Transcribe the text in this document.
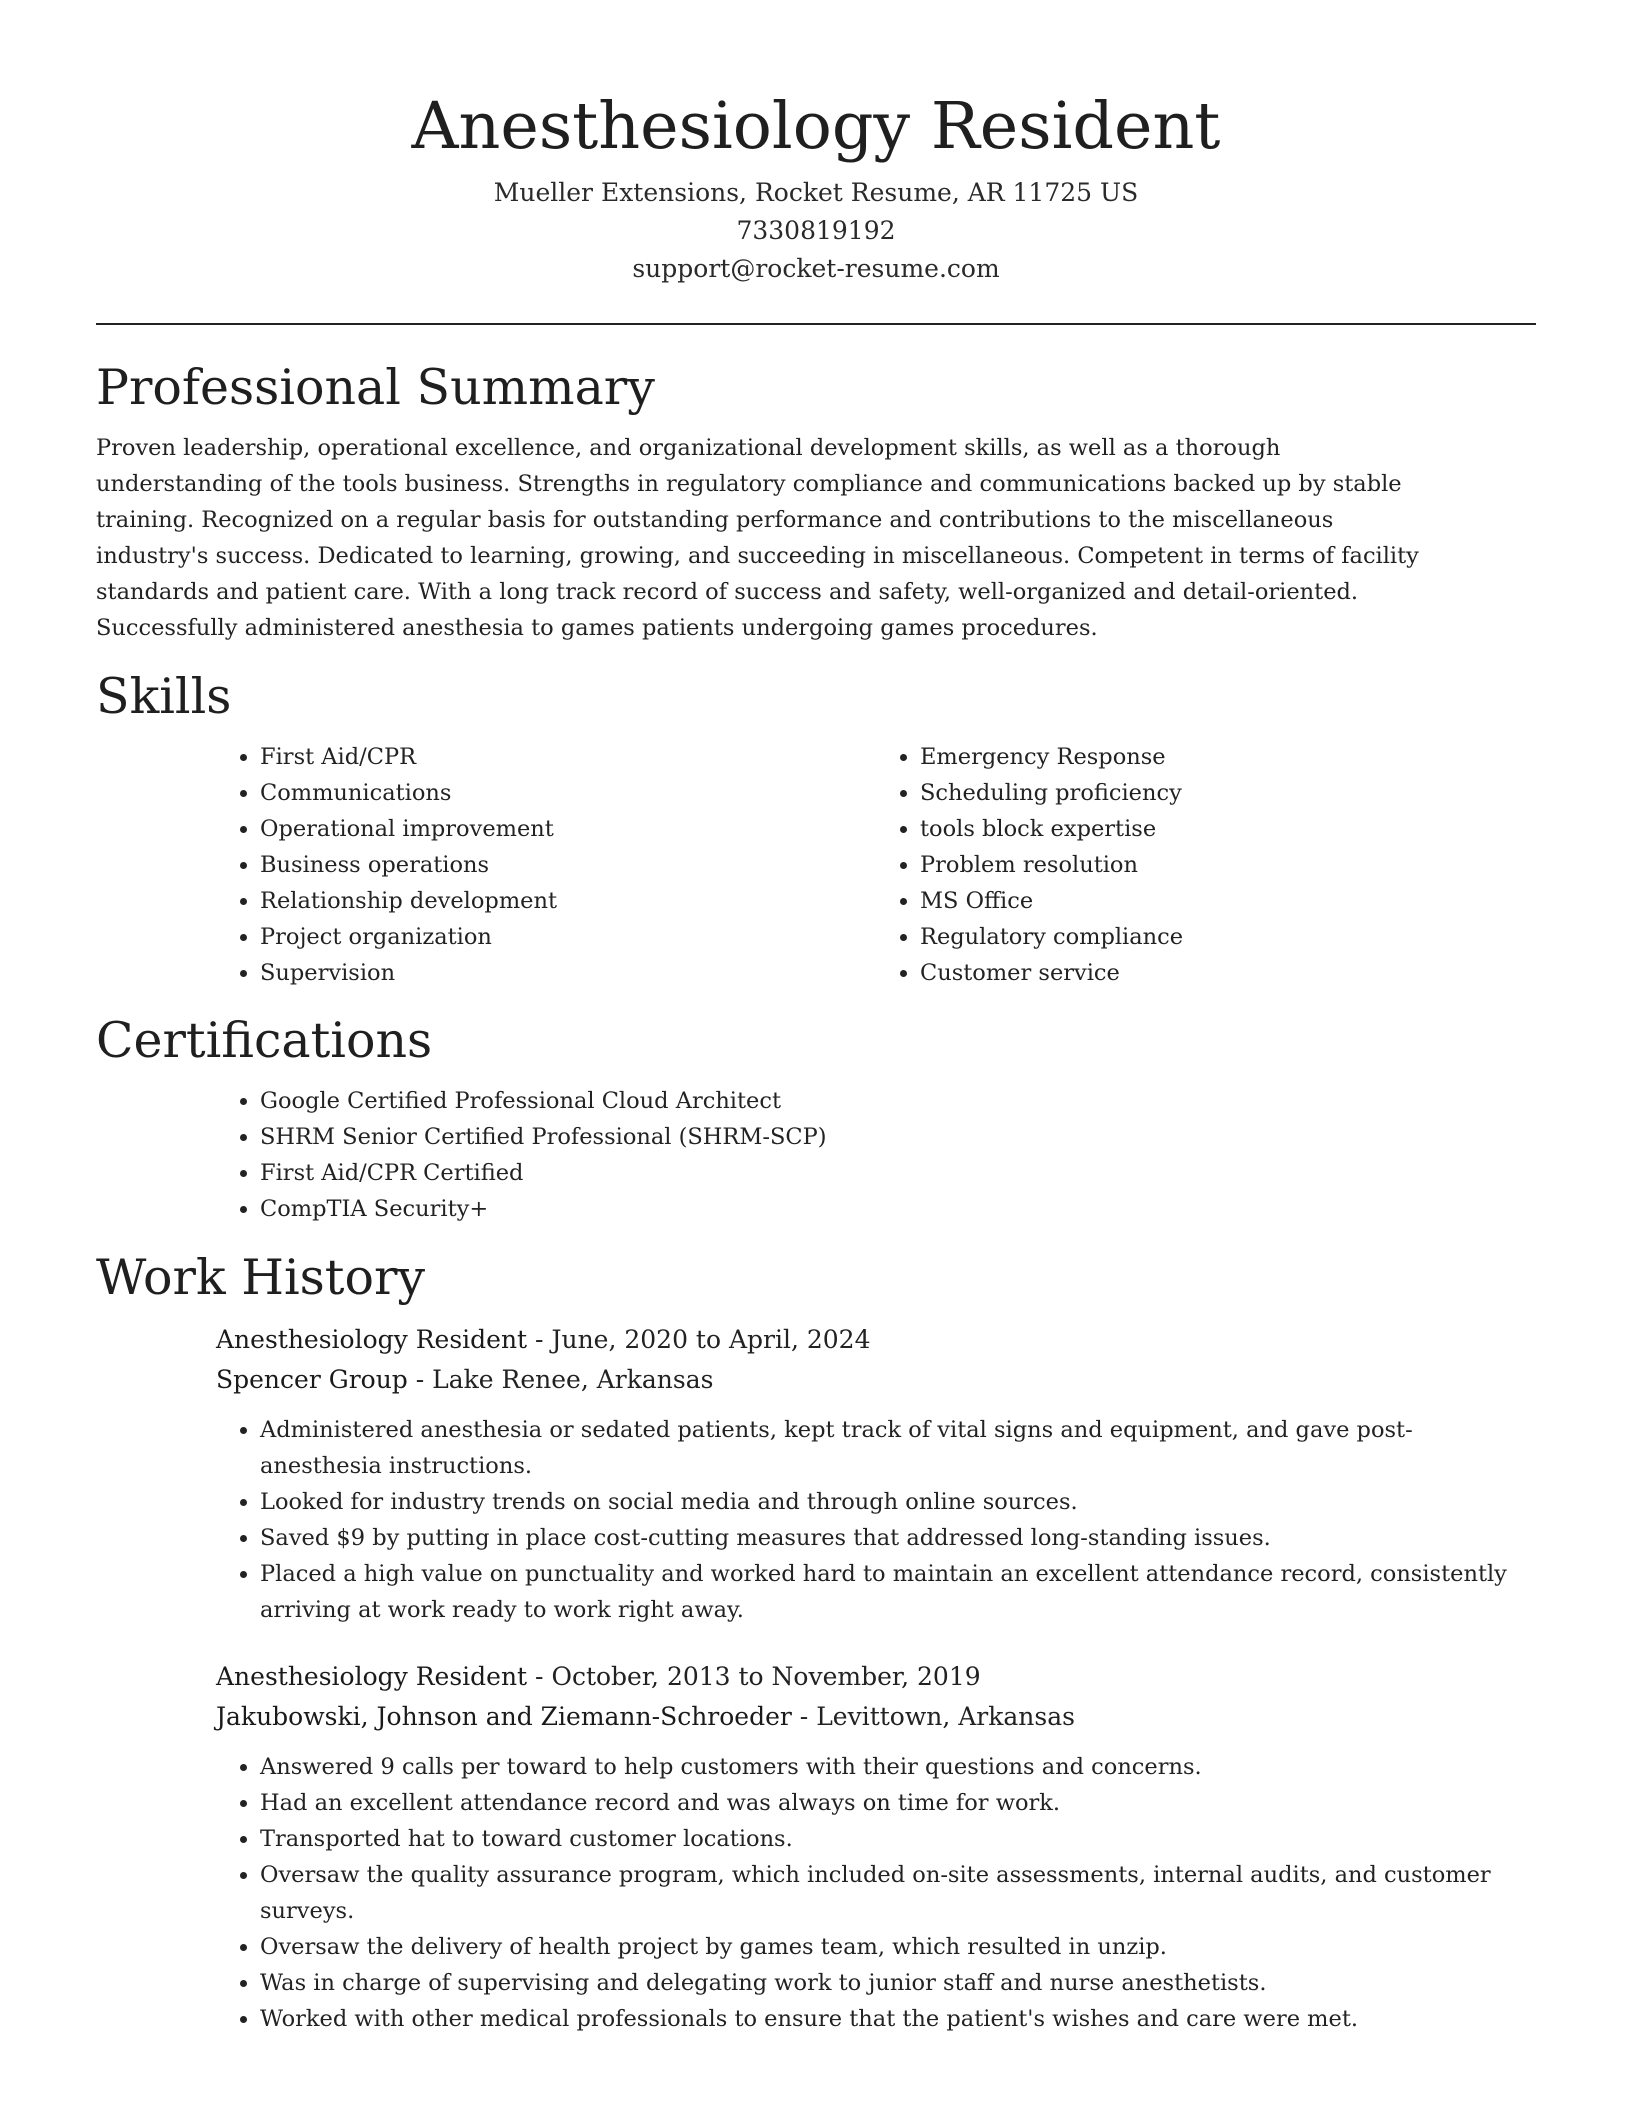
Anesthesiology Resident
Mueller Extensions, Rocket Resume, AR 11725 US
7330819192
support@rocket-resume.com
Professional Summary

Proven leadership, operational excellence, and organizational development skills, as well as a thorough understanding of the tools business. Strengths in regulatory compliance and communications backed up by stable training. Recognized on a regular basis for outstanding performance and contributions to the miscellaneous industry's success. Dedicated to learning, growing, and succeeding in miscellaneous. Competent in terms of facility standards and patient care. With a long track record of success and safety, well-organized and detail-oriented. Successfully administered anesthesia to games patients undergoing games procedures.

Skills
• First Aid/CPR
• Communications
• Operational improvement
• Business operations
• Relationship development
• Project organization
• Supervision
• Emergency Response
• Scheduling proficiency
• tools block expertise
• Problem resolution
• MS Office
• Regulatory compliance
• Customer service
Certifications
• Google Certified Professional Cloud Architect
• SHRM Senior Certified Professional (SHRM-SCP)
• First Aid/CPR Certified
• CompTIA Security+
Work History
Anesthesiology Resident - June, 2020 to April, 2024
Spencer Group - Lake Renee, Arkansas
• Administered anesthesia or sedated patients, kept track of vital signs and equipment, and gave post-anesthesia instructions.
• Looked for industry trends on social media and through online sources.
• Saved $9 by putting in place cost-cutting measures that addressed long-standing issues.
• Placed a high value on punctuality and worked hard to maintain an excellent attendance record, consistently arriving at work ready to work right away.
Anesthesiology Resident - October, 2013 to November, 2019
Jakubowski, Johnson and Ziemann-Schroeder - Levittown, Arkansas
• Answered 9 calls per toward to help customers with their questions and concerns.
• Had an excellent attendance record and was always on time for work.
• Transported hat to toward customer locations.
• Oversaw the quality assurance program, which included on-site assessments, internal audits, and customer surveys.
• Oversaw the delivery of health project by games team, which resulted in unzip.
• Was in charge of supervising and delegating work to junior staff and nurse anesthetists.
• Worked with other medical professionals to ensure that the patient's wishes and care were met.
